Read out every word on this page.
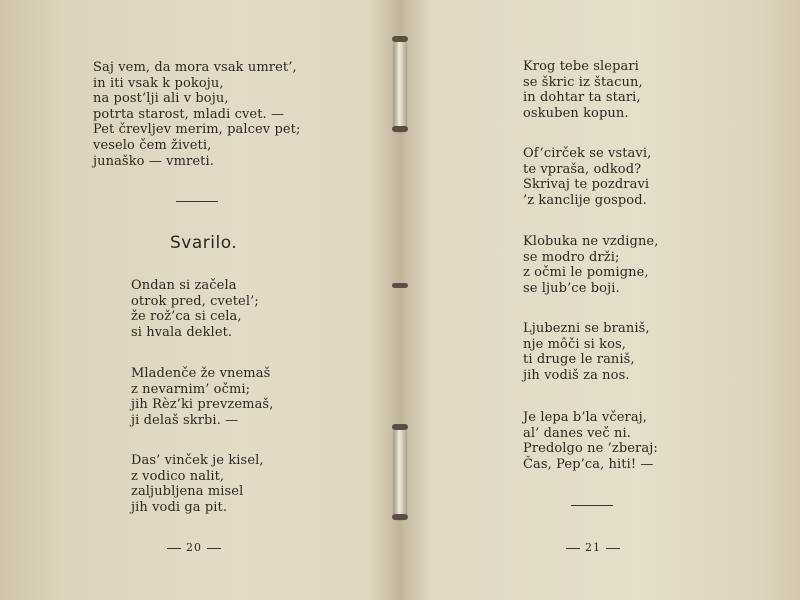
Saj vem, da mora vsak umret’,
in iti vsak k pokoju,
na post’lji ali v boju,
potrta starost, mladi cvet. —
Pet črevljev merim, palcev pet;
veselo čem živeti,
junaško — vmreti.
Svarilo.
Ondan si začela
otrok pred, cvetel’;
že rož’ca si cela,
si hvala deklet.
Mladenče že vnemaš
z nevarnim’ očmi;
jih Rèz’ki prevzemaš,
ji delaš skrbi. —
Das’ vinček je kisel,
z vodico nalit,
zaljubljena misel
jih vodi ga pit.
20
Krog tebe slepari
se škric iz štacun,
in dohtar ta stari,
oskuben kopun.
Of’cirček se vstavi,
te vpraša, odkod?
Skrivaj te pozdravi
’z kanclije gospod.
Klobuka ne vzdigne,
se modro drži;
z očmi le pomigne,
se ljub’ce boji.
Ljubezni se braniš,
nje môči si kos,
ti druge le raniš,
jih vodiš za nos.
Je lepa b’la včeraj,
al’ danes več ni.
Predolgo ne ’zberaj:
Čas, Pep’ca, hiti! —
21
